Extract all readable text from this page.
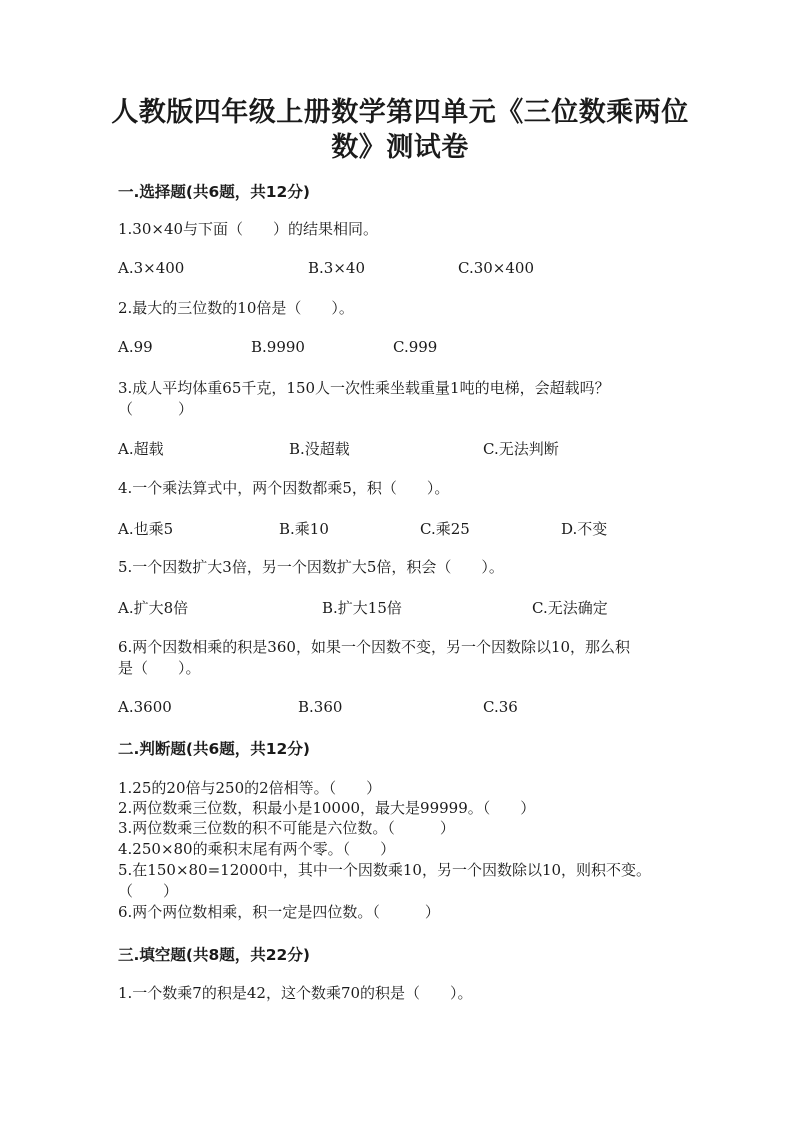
人教版四年级上册数学第四单元《三位数乘两位
数》测试卷
一.选择题(共6题，共12分)
1.30×40与下面（　　）的结果相同。
A.3×400	B.3×40	C.30×400
2.最大的三位数的10倍是（　　）。
A.99	B.9990	C.999
3.成人平均体重65千克，150人一次性乘坐载重量1吨的电梯，会超载吗？
（　　　）
A.超载	B.没超载	C.无法判断
4.一个乘法算式中，两个因数都乘5，积（　　）。
A.也乘5	B.乘10	C.乘25	D.不变
5.一个因数扩大3倍，另一个因数扩大5倍，积会（　　）。
A.扩大8倍	B.扩大15倍	C.无法确定
6.两个因数相乘的积是360，如果一个因数不变，另一个因数除以10，那么积
是（　　）。
A.3600	B.360	C.36
二.判断题(共6题，共12分)
1.25的20倍与250的2倍相等。（　　）
2.两位数乘三位数，积最小是10000，最大是99999。（　　）
3.两位数乘三位数的积不可能是六位数。（　　　）
4.250×80的乘积末尾有两个零。（　　）
5.在150×80=12000中，其中一个因数乘10，另一个因数除以10，则积不变。
（　　）
6.两个两位数相乘，积一定是四位数。（　　　）
三.填空题(共8题，共22分)
1.一个数乘7的积是42，这个数乘70的积是（　　）。
